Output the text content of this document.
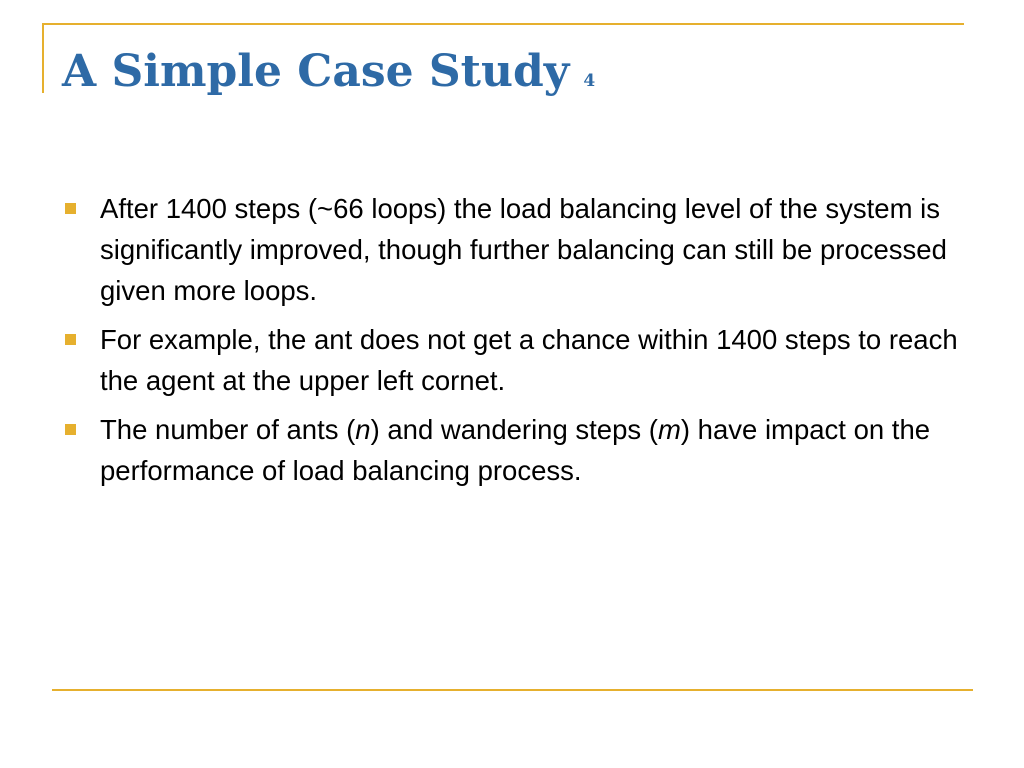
A Simple Case Study 4
After 1400 steps (~66 loops) the load balancing level of the system is significantly improved, though further balancing can still be processed given more loops.
For example, the ant does not get a chance within 1400 steps to reach the agent at the upper left cornet.
The number of ants (n) and wandering steps (m) have impact on the performance of load balancing process.
